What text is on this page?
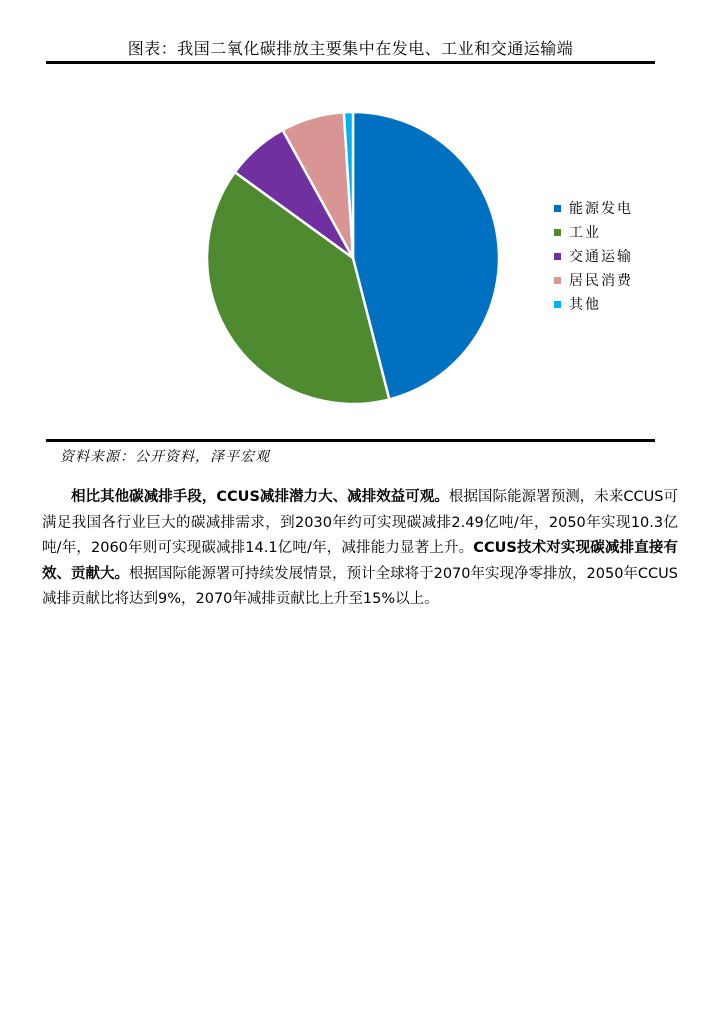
图表：我国二氧化碳排放主要集中在发电、工业和交通运输端
能源发电
工业
交通运输
居民消费
其他
资料来源：公开资料，泽平宏观
相比其他碳减排手段，CCUS减排潜力大、减排效益可观。根据国际能源署预测，未来CCUS可满足我国各行业巨大的碳减排需求，到2030年约可实现碳减排2.49亿吨/年，2050年实现10.3亿吨/年，2060年则可实现碳减排14.1亿吨/年，减排能力显著上升。CCUS技术对实现碳减排直接有效、贡献大。根据国际能源署可持续发展情景，预计全球将于2070年实现净零排放，2050年CCUS减排贡献比将达到9%，2070年减排贡献比上升至15%以上。
